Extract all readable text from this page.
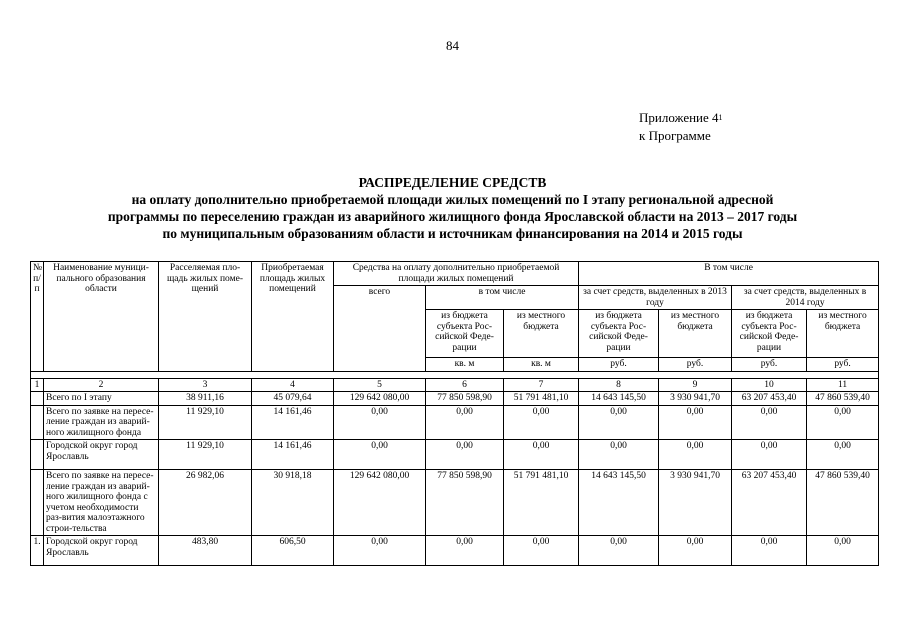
84
Приложение $4^1$
к Программе
РАСПРЕДЕЛЕНИЕ СРЕДСТВ
на оплату дополнительно приобретаемой площади жилых помещений по I этапу региональной адресной
программы по переселению граждан из аварийного жилищного фонда Ярославской области на 2013 – 2017 годы
по муниципальным образованиям области и источникам финансирования на 2014 и 2015 годы
№ п/п	Наименование муници-пального образования области	Расселяемая пло-щадь жилых поме-щений	Приобретаемая площадь жилых помещений	Средства на оплату дополнительно приобретаемой площади жилых помещений			В том числе				
				всего	в том числе		за счет средств, выделенных в 2013 году		за счет средств, выделенных в 2014 году		
					из бюджета субъекта Рос-сийской Феде-рации	из местного бюджета	из бюджета субъекта Рос-сийской Феде-рации	из местного бюджета	из бюджета субъекта Рос-сийской Феде-рации	из местного бюджета	
					кв. м	кв. м	руб.	руб.	руб.	руб.			

1	2	3	4	5	6	7	8	9	10	11	
	Всего по I этапу	38 911,16	45 079,64	129 642 080,00	77 850 598,90	51 791 481,10	14 643 145,50	3 930 941,70	63 207 453,40	47 860 539,40	
	Всего по заявке на пересе-ление граждан из аварий-ного жилищного фонда	11 929,10	14 161,46	0,00	0,00	0,00	0,00	0,00	0,00	0,00	
	Городской округ город Ярославль	11 929,10	14 161,46	0,00	0,00	0,00	0,00	0,00	0,00	0,00	
	Всего по заявке на пересе-ление граждан из аварий-ного жилищного фонда с учетом необходимости раз-вития малоэтажного строи-тельства	26 982,06	30 918,18	129 642 080,00	77 850 598,90	51 791 481,10	14 643 145,50	3 930 941,70	63 207 453,40	47 860 539,40	
1.	Городской округ город Ярославль	483,80	606,50	0,00	0,00	0,00	0,00	0,00	0,00	0,00	
